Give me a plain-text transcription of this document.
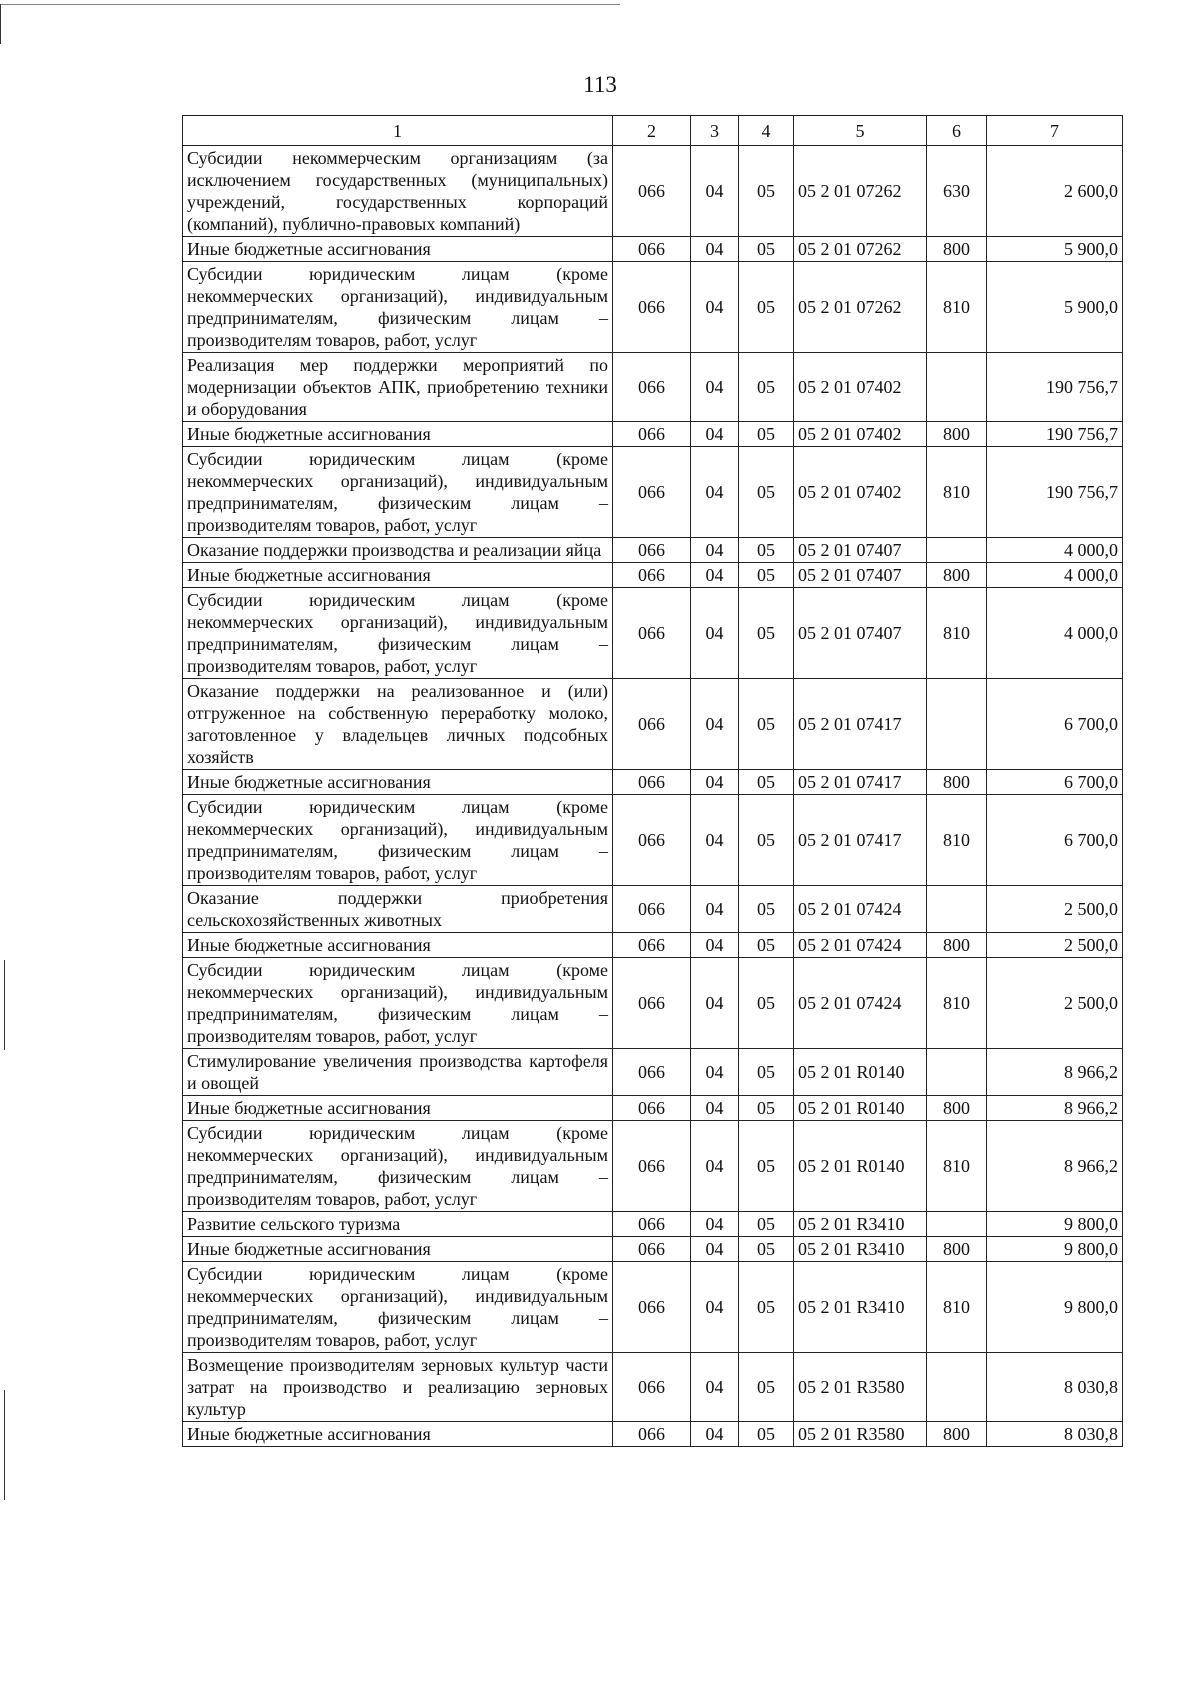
113
1	2	3	4	5	6	7
Субсидии некоммерческим организациям (за исключением государственных (муниципальных) учреждений, государственных корпораций (компаний), публично-правовых компаний)	066	04	05	05 2 01 07262	630	2 600,0
Иные бюджетные ассигнования	066	04	05	05 2 01 07262	800	5 900,0
Субсидии юридическим лицам (кроме некоммерческих организаций), индивидуальным предпринимателям, физическим лицам – производителям товаров, работ, услуг	066	04	05	05 2 01 07262	810	5 900,0
Реализация мер поддержки мероприятий по модернизации объектов АПК, приобретению техники и оборудования	066	04	05	05 2 01 07402		190 756,7
Иные бюджетные ассигнования	066	04	05	05 2 01 07402	800	190 756,7
Субсидии юридическим лицам (кроме некоммерческих организаций), индивидуальным предпринимателям, физическим лицам – производителям товаров, работ, услуг	066	04	05	05 2 01 07402	810	190 756,7
Оказание поддержки производства и реализации яйца	066	04	05	05 2 01 07407		4 000,0
Иные бюджетные ассигнования	066	04	05	05 2 01 07407	800	4 000,0
Субсидии юридическим лицам (кроме некоммерческих организаций), индивидуальным предпринимателям, физическим лицам – производителям товаров, работ, услуг	066	04	05	05 2 01 07407	810	4 000,0
Оказание поддержки на реализованное и (или) отгруженное на собственную переработку молоко, заготовленное у владельцев личных подсобных хозяйств	066	04	05	05 2 01 07417		6 700,0
Иные бюджетные ассигнования	066	04	05	05 2 01 07417	800	6 700,0
Субсидии юридическим лицам (кроме некоммерческих организаций), индивидуальным предпринимателям, физическим лицам – производителям товаров, работ, услуг	066	04	05	05 2 01 07417	810	6 700,0
Оказание поддержки приобретения сельскохозяйственных животных	066	04	05	05 2 01 07424		2 500,0
Иные бюджетные ассигнования	066	04	05	05 2 01 07424	800	2 500,0
Субсидии юридическим лицам (кроме некоммерческих организаций), индивидуальным предпринимателям, физическим лицам – производителям товаров, работ, услуг	066	04	05	05 2 01 07424	810	2 500,0
Стимулирование увеличения производства картофеля и овощей	066	04	05	05 2 01 R0140		8 966,2
Иные бюджетные ассигнования	066	04	05	05 2 01 R0140	800	8 966,2
Субсидии юридическим лицам (кроме некоммерческих организаций), индивидуальным предпринимателям, физическим лицам – производителям товаров, работ, услуг	066	04	05	05 2 01 R0140	810	8 966,2
Развитие сельского туризма	066	04	05	05 2 01 R3410		9 800,0
Иные бюджетные ассигнования	066	04	05	05 2 01 R3410	800	9 800,0
Субсидии юридическим лицам (кроме некоммерческих организаций), индивидуальным предпринимателям, физическим лицам – производителям товаров, работ, услуг	066	04	05	05 2 01 R3410	810	9 800,0
Возмещение производителям зерновых культур части затрат на производство и реализацию зерновых культур	066	04	05	05 2 01 R3580		8 030,8
Иные бюджетные ассигнования	066	04	05	05 2 01 R3580	800	8 030,8
